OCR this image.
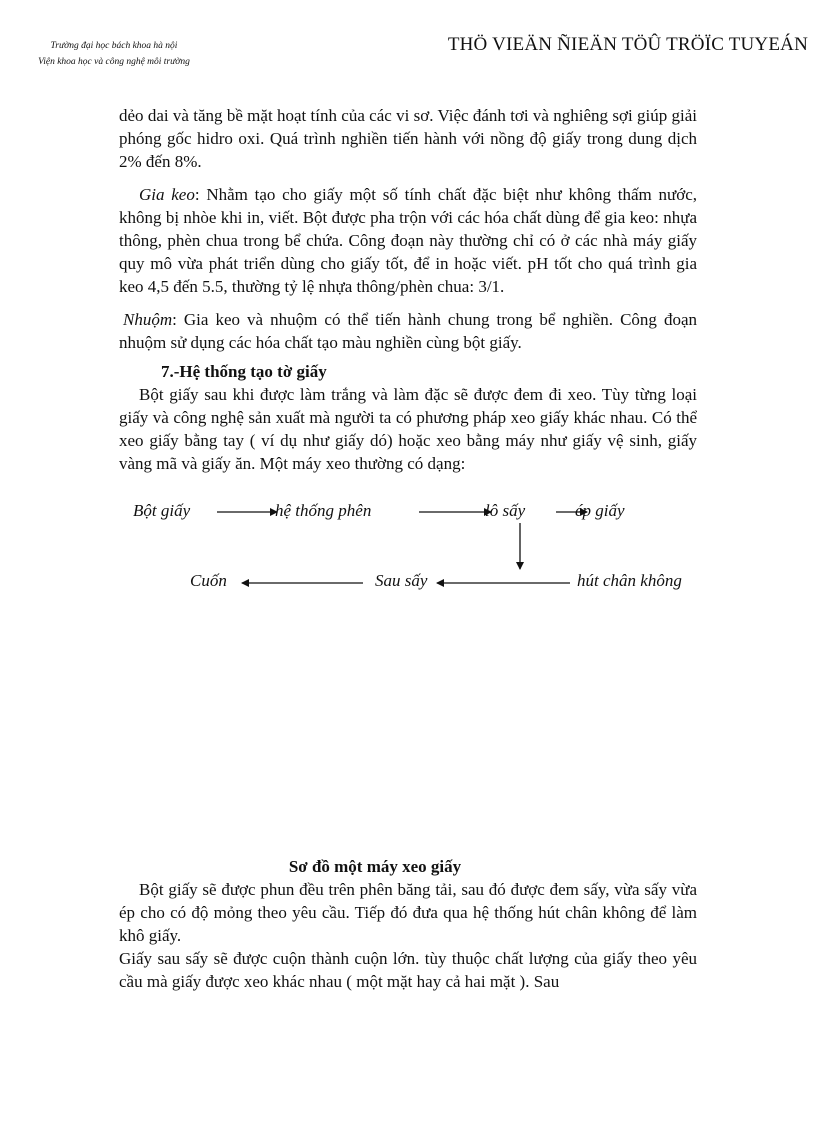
Trường đại học bách khoa hà nội
Viện khoa học và công nghệ môi trường
THÖ VIEÄN ÑIEÄN TÖÛ TRÖÏC TUYEÁN

dẻo dai và tăng bề mặt hoạt tính của các vi sơ. Việc đánh tơi và nghiêng sợi giúp giải phóng gốc hidro oxi. Quá trình nghiền tiến hành với nồng độ giấy trong dung dịch 2% đến 8%.

Gia keo: Nhằm tạo cho giấy một số tính chất đặc biệt như không thấm nước, không bị nhòe khi in, viết. Bột được pha trộn với các hóa chất dùng để gia keo: nhựa thông, phèn chua trong bể chứa. Công đoạn này thường chỉ có ở các nhà máy giấy quy mô vừa phát triển dùng cho giấy tốt, để in hoặc viết. pH tốt cho quá trình gia keo 4,5 đến 5.5, thường tỷ lệ nhựa thông/phèn chua: 3/1.

Nhuộm: Gia keo và nhuộm có thể tiến hành chung trong bể nghiền. Công đoạn nhuộm sử dụng các hóa chất tạo màu nghiền cùng bột giấy.

7.-Hệ thống tạo tờ giấy

Bột giấy sau khi được làm trắng và làm đặc sẽ được đem đi xeo. Tùy từng loại giấy và công nghệ sản xuất mà người ta có phương pháp xeo giấy khác nhau. Có thể xeo giấy bằng tay ( ví dụ như giấy dó) hoặc xeo bằng máy như giấy vệ sinh, giấy vàng mã và giấy ăn. Một máy xeo thường có dạng:

Bột giấy	hệ thống phên	lô sấy	ép giấy
hút chân không
Sau sấy
Cuốn
Sơ đồ một máy xeo giấy

Bột giấy sẽ được phun đều trên phên băng tải, sau đó được đem sấy, vừa sấy vừa ép cho có độ mỏng theo yêu cầu. Tiếp đó đưa qua hệ thống hút chân không để làm khô giấy.

Giấy sau sấy sẽ được cuộn thành cuộn lớn. tùy thuộc chất lượng của giấy theo yêu cầu mà giấy được xeo khác nhau ( một mặt hay cả hai mặt ). Sau
